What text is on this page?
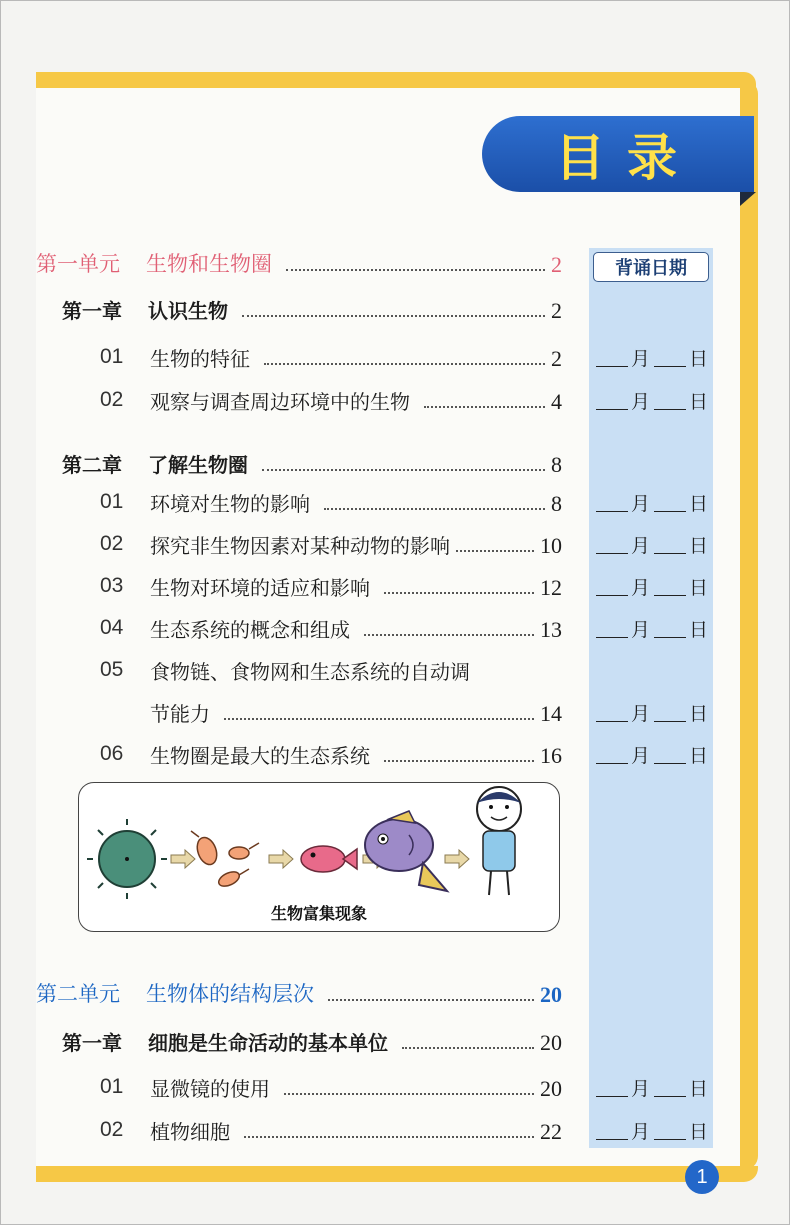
目录
背诵日期
第一单元 生物和生物圈	2
第一章 认识生物	2
01 生物的特征	2	月 日
02 观察与调查周边环境中的生物	4	月 日
第二章 了解生物圈	8
01 环境对生物的影响	8	月 日
02 探究非生物因素对某种动物的影响	10	月 日
03 生物对环境的适应和影响	12	月 日
04 生态系统的概念和组成	13	月 日
05 食物链、食物网和生态系统的自动调
节能力	14	月 日
06 生物圈是最大的生态系统	16	月 日
生物富集现象
第二单元 生物体的结构层次	20
第一章 细胞是生命活动的基本单位	20
01 显微镜的使用	20	月 日
02 植物细胞	22	月 日
1
